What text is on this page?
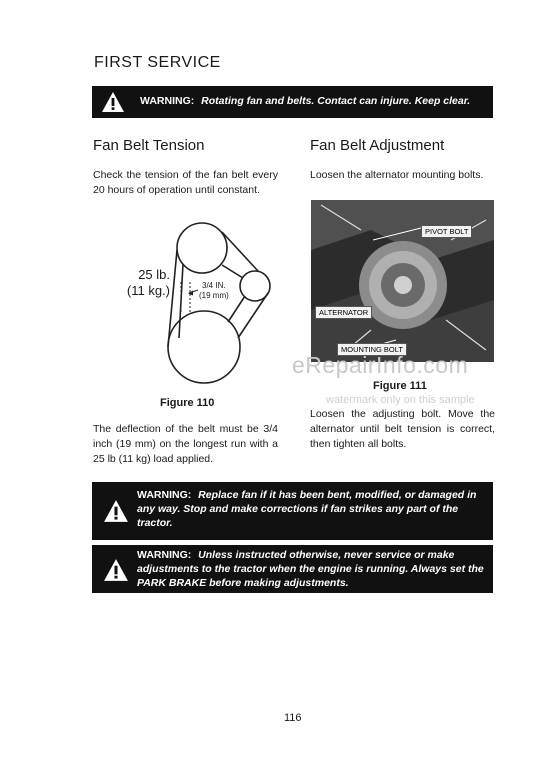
FIRST SERVICE
WARNING: Rotating fan and belts. Contact can injure. Keep clear.
Fan Belt Tension
Check the tension of the fan belt every 20 hours of operation until constant.
25 lb.
(11 kg.)	3/4 IN.
(19 mm)
Figure 110
The deflection of the belt must be 3/4 inch (19 mm) on the longest run with a 25 lb (11 kg) load applied.
Fan Belt Adjustment
Loosen the alternator mounting bolts.
PIVOT BOLT
ALTERNATOR
MOUNTING BOLT
eRepairInfo.com
watermark only on this sample
Figure 111
Loosen the adjusting bolt. Move the alternator until belt tension is correct, then tighten all bolts.
WARNING: Replace fan if it has been bent, modified, or damaged in any way. Stop and make corrections if fan strikes any part of the tractor.
WARNING: Unless instructed otherwise, never service or make adjustments to the tractor when the engine is running. Always set the PARK BRAKE before making adjustments.
116
